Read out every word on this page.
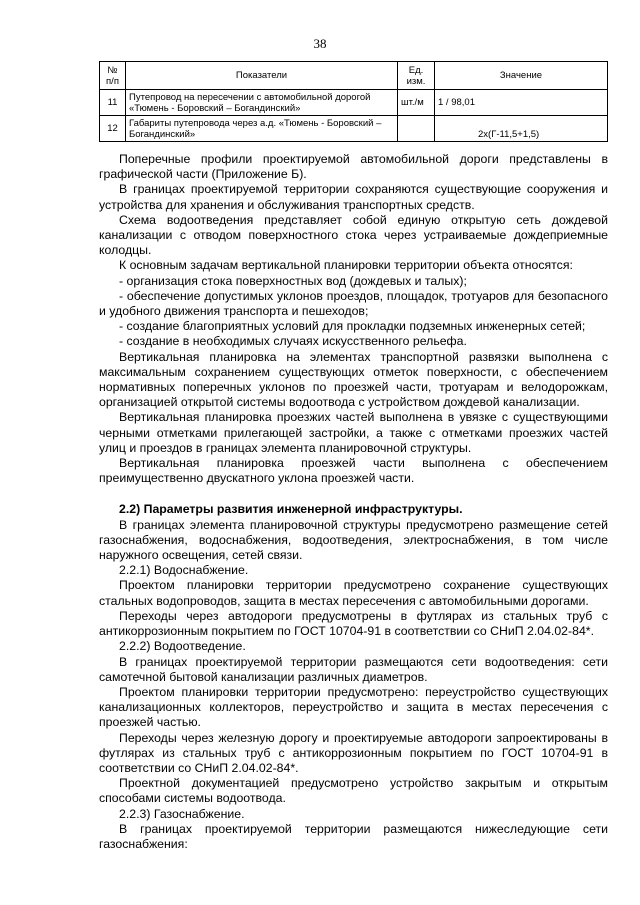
38
№ п/п	Показатели	Ед. изм.	Значение
11	Путепровод на пересечении с автомобильной дорогой «Тюмень - Боровский – Богандинский»	шт./м	1 / 98,01
12	Габариты путепровода через а.д. «Тюмень - Боровский – Богандинский»		2x(Г-11,5+1,5)

Поперечные профили проектируемой автомобильной дороги представлены в графической части (Приложение Б).

В границах проектируемой территории сохраняются существующие сооружения и устройства для хранения и обслуживания транспортных средств.

Схема водоотведения представляет собой единую открытую сеть дождевой канализации с отводом поверхностного стока через устраиваемые дождеприемные колодцы.

К основным задачам вертикальной планировки территории объекта относятся:

- организация стока поверхностных вод (дождевых и талых);

- обеспечение допустимых уклонов проездов, площадок, тротуаров для безопасного и удобного движения транспорта и пешеходов;

- создание благоприятных условий для прокладки подземных инженерных сетей;

- создание в необходимых случаях искусственного рельефа.

Вертикальная планировка на элементах транспортной развязки выполнена с максимальным сохранением существующих отметок поверхности, с обеспечением нормативных поперечных уклонов по проезжей части, тротуарам и велодорожкам, организацией открытой системы водоотвода с устройством дождевой канализации.

Вертикальная планировка проезжих частей выполнена в увязке с существующими черными отметками прилегающей застройки, а также с отметками проезжих частей улиц и проездов в границах элемента планировочной структуры.

Вертикальная планировка проезжей части выполнена с обеспечением преимущественно двускатного уклона проезжей части.

2.2) Параметры развития инженерной инфраструктуры.

В границах элемента планировочной структуры предусмотрено размещение сетей газоснабжения, водоснабжения, водоотведения, электроснабжения, в том числе наружного освещения, сетей связи.

2.2.1) Водоснабжение.

Проектом планировки территории предусмотрено сохранение существующих стальных водопроводов, защита в местах пересечения с автомобильными дорогами.

Переходы через автодороги предусмотрены в футлярах из стальных труб с антикоррозионным покрытием по ГОСТ 10704-91 в соответствии со СНиП 2.04.02-84*.

2.2.2) Водоотведение.

В границах проектируемой территории размещаются сети водоотведения: сети самотечной бытовой канализации различных диаметров.

Проектом планировки территории предусмотрено: переустройство существующих канализационных коллекторов, переустройство и защита в местах пересечения с проезжей частью.

Переходы через железную дорогу и проектируемые автодороги запроектированы в футлярах из стальных труб с антикоррозионным покрытием по ГОСТ 10704-91 в соответствии со СНиП 2.04.02-84*.

Проектной документацией предусмотрено устройство закрытым и открытым способами системы водоотвода.

2.2.3) Газоснабжение.

В границах проектируемой территории размещаются нижеследующие сети газоснабжения:
